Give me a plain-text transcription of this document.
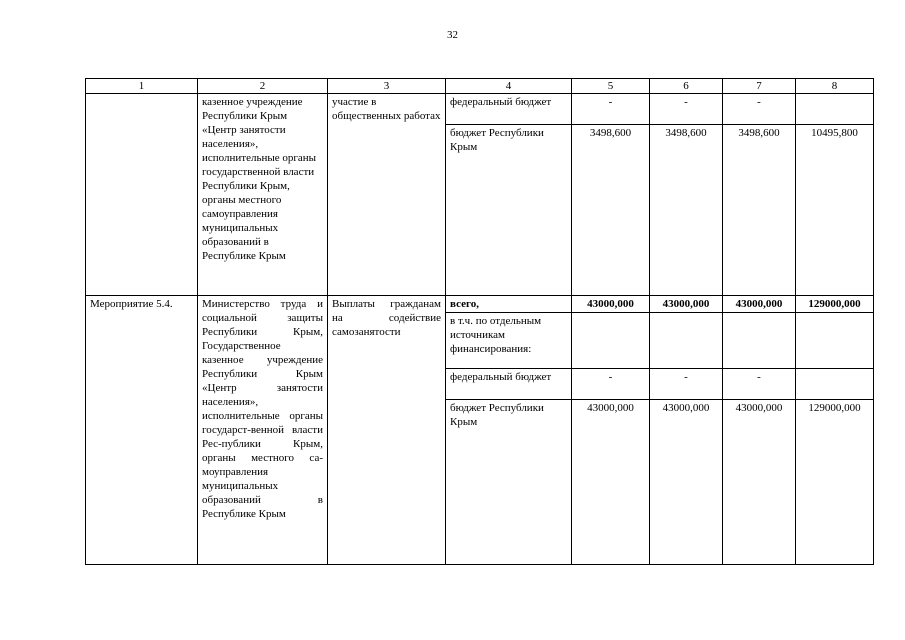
32
1	2	3	4	5	6	7	8
	казенное учреждение Республики Крым «Центр занятости населения», исполнительные органы государственной власти Республики Крым, органы местного самоуправления муниципальных образований в Республике Крым	участие в общественных работах	федеральный бюджет	-	-	-	
			бюджет Республики Крым	3498,600	3498,600	3498,600	10495,800
Мероприятие 5.4.	Министерство труда и социальной защиты Республики Крым, Государственное казенное учреждение Республики Крым «Центр занятости населения», исполнительные органы государст-венной власти Рес-публики Крым, органы местного са-моуправления муниципальных образований в Республике Крым	Выплаты гражданам на содействие самозанятости	всего,	43000,000	43000,000	43000,000	129000,000
			в т.ч. по отдельным источникам финансирования:				
			федеральный бюджет	-	-	-	
			бюджет Республики Крым	43000,000	43000,000	43000,000	129000,000
